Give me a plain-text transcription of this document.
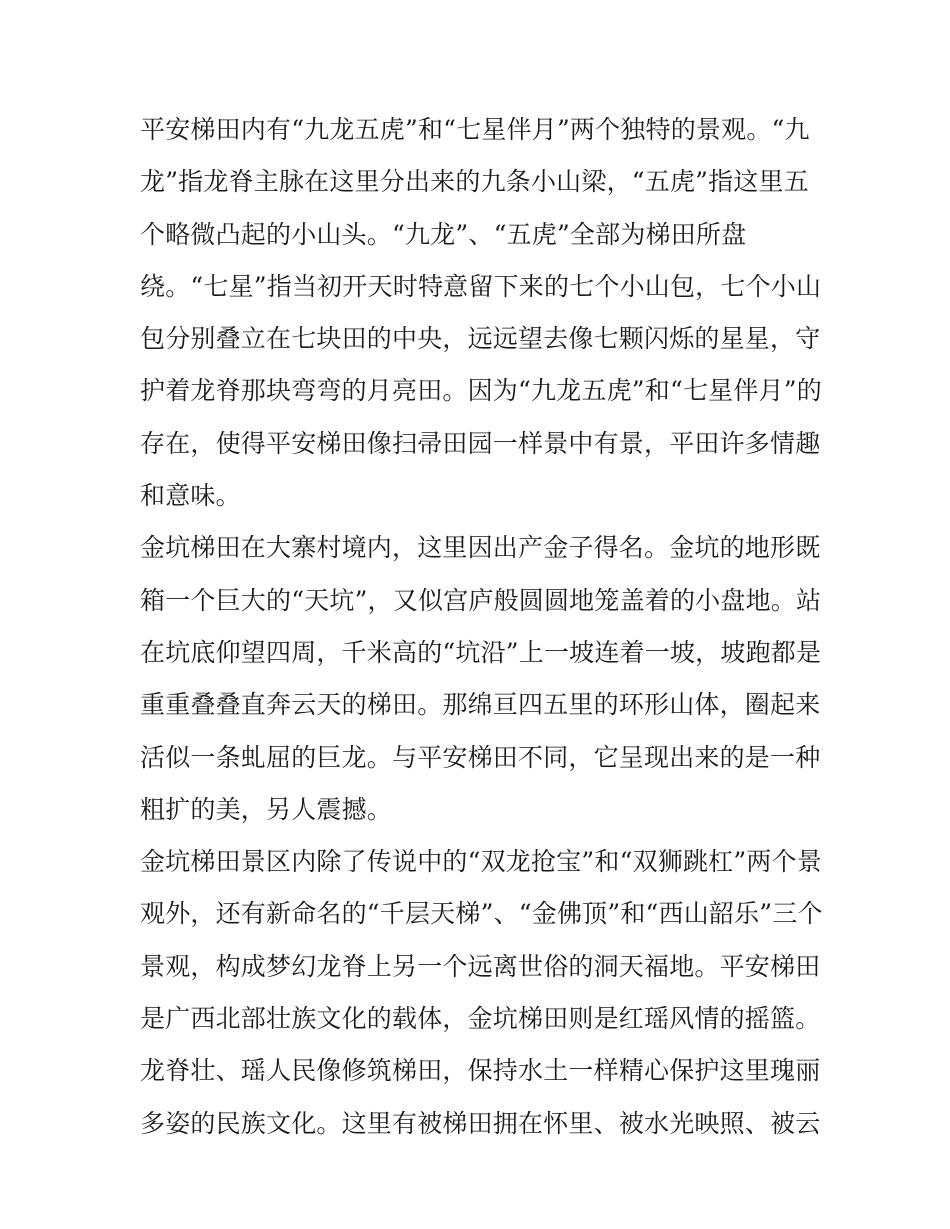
平安梯田内有“九龙五虎”和“七星伴月”两个独特的景观。“九
龙”指龙脊主脉在这里分出来的九条小山梁，“五虎”指这里五
个略微凸起的小山头。“九龙”、“五虎”全部为梯田所盘
绕。“七星”指当初开天时特意留下来的七个小山包，七个小山
包分别叠立在七块田的中央，远远望去像七颗闪烁的星星，守
护着龙脊那块弯弯的月亮田。因为“九龙五虎”和“七星伴月”的
存在，使得平安梯田像扫帚田园一样景中有景，平田许多情趣
和意味。
金坑梯田在大寨村境内，这里因出产金子得名。金坑的地形既
箱一个巨大的“天坑”，又似宫庐般圆圆地笼盖着的小盘地。站
在坑底仰望四周，千米高的“坑沿”上一坡连着一坡，坡跑都是
重重叠叠直奔云天的梯田。那绵亘四五里的环形山体，圈起来
活似一条虬屈的巨龙。与平安梯田不同，它呈现出来的是一种
粗扩的美，另人震撼。
金坑梯田景区内除了传说中的“双龙抢宝”和“双狮跳杠”两个景
观外，还有新命名的“千层天梯”、“金佛顶”和“西山韶乐”三个
景观，构成梦幻龙脊上另一个远离世俗的洞天福地。平安梯田
是广西北部壮族文化的载体，金坑梯田则是红瑶风情的摇篮。
龙脊壮、瑶人民像修筑梯田，保持水土一样精心保护这里瑰丽
多姿的民族文化。这里有被梯田拥在怀里、被水光映照、被云
